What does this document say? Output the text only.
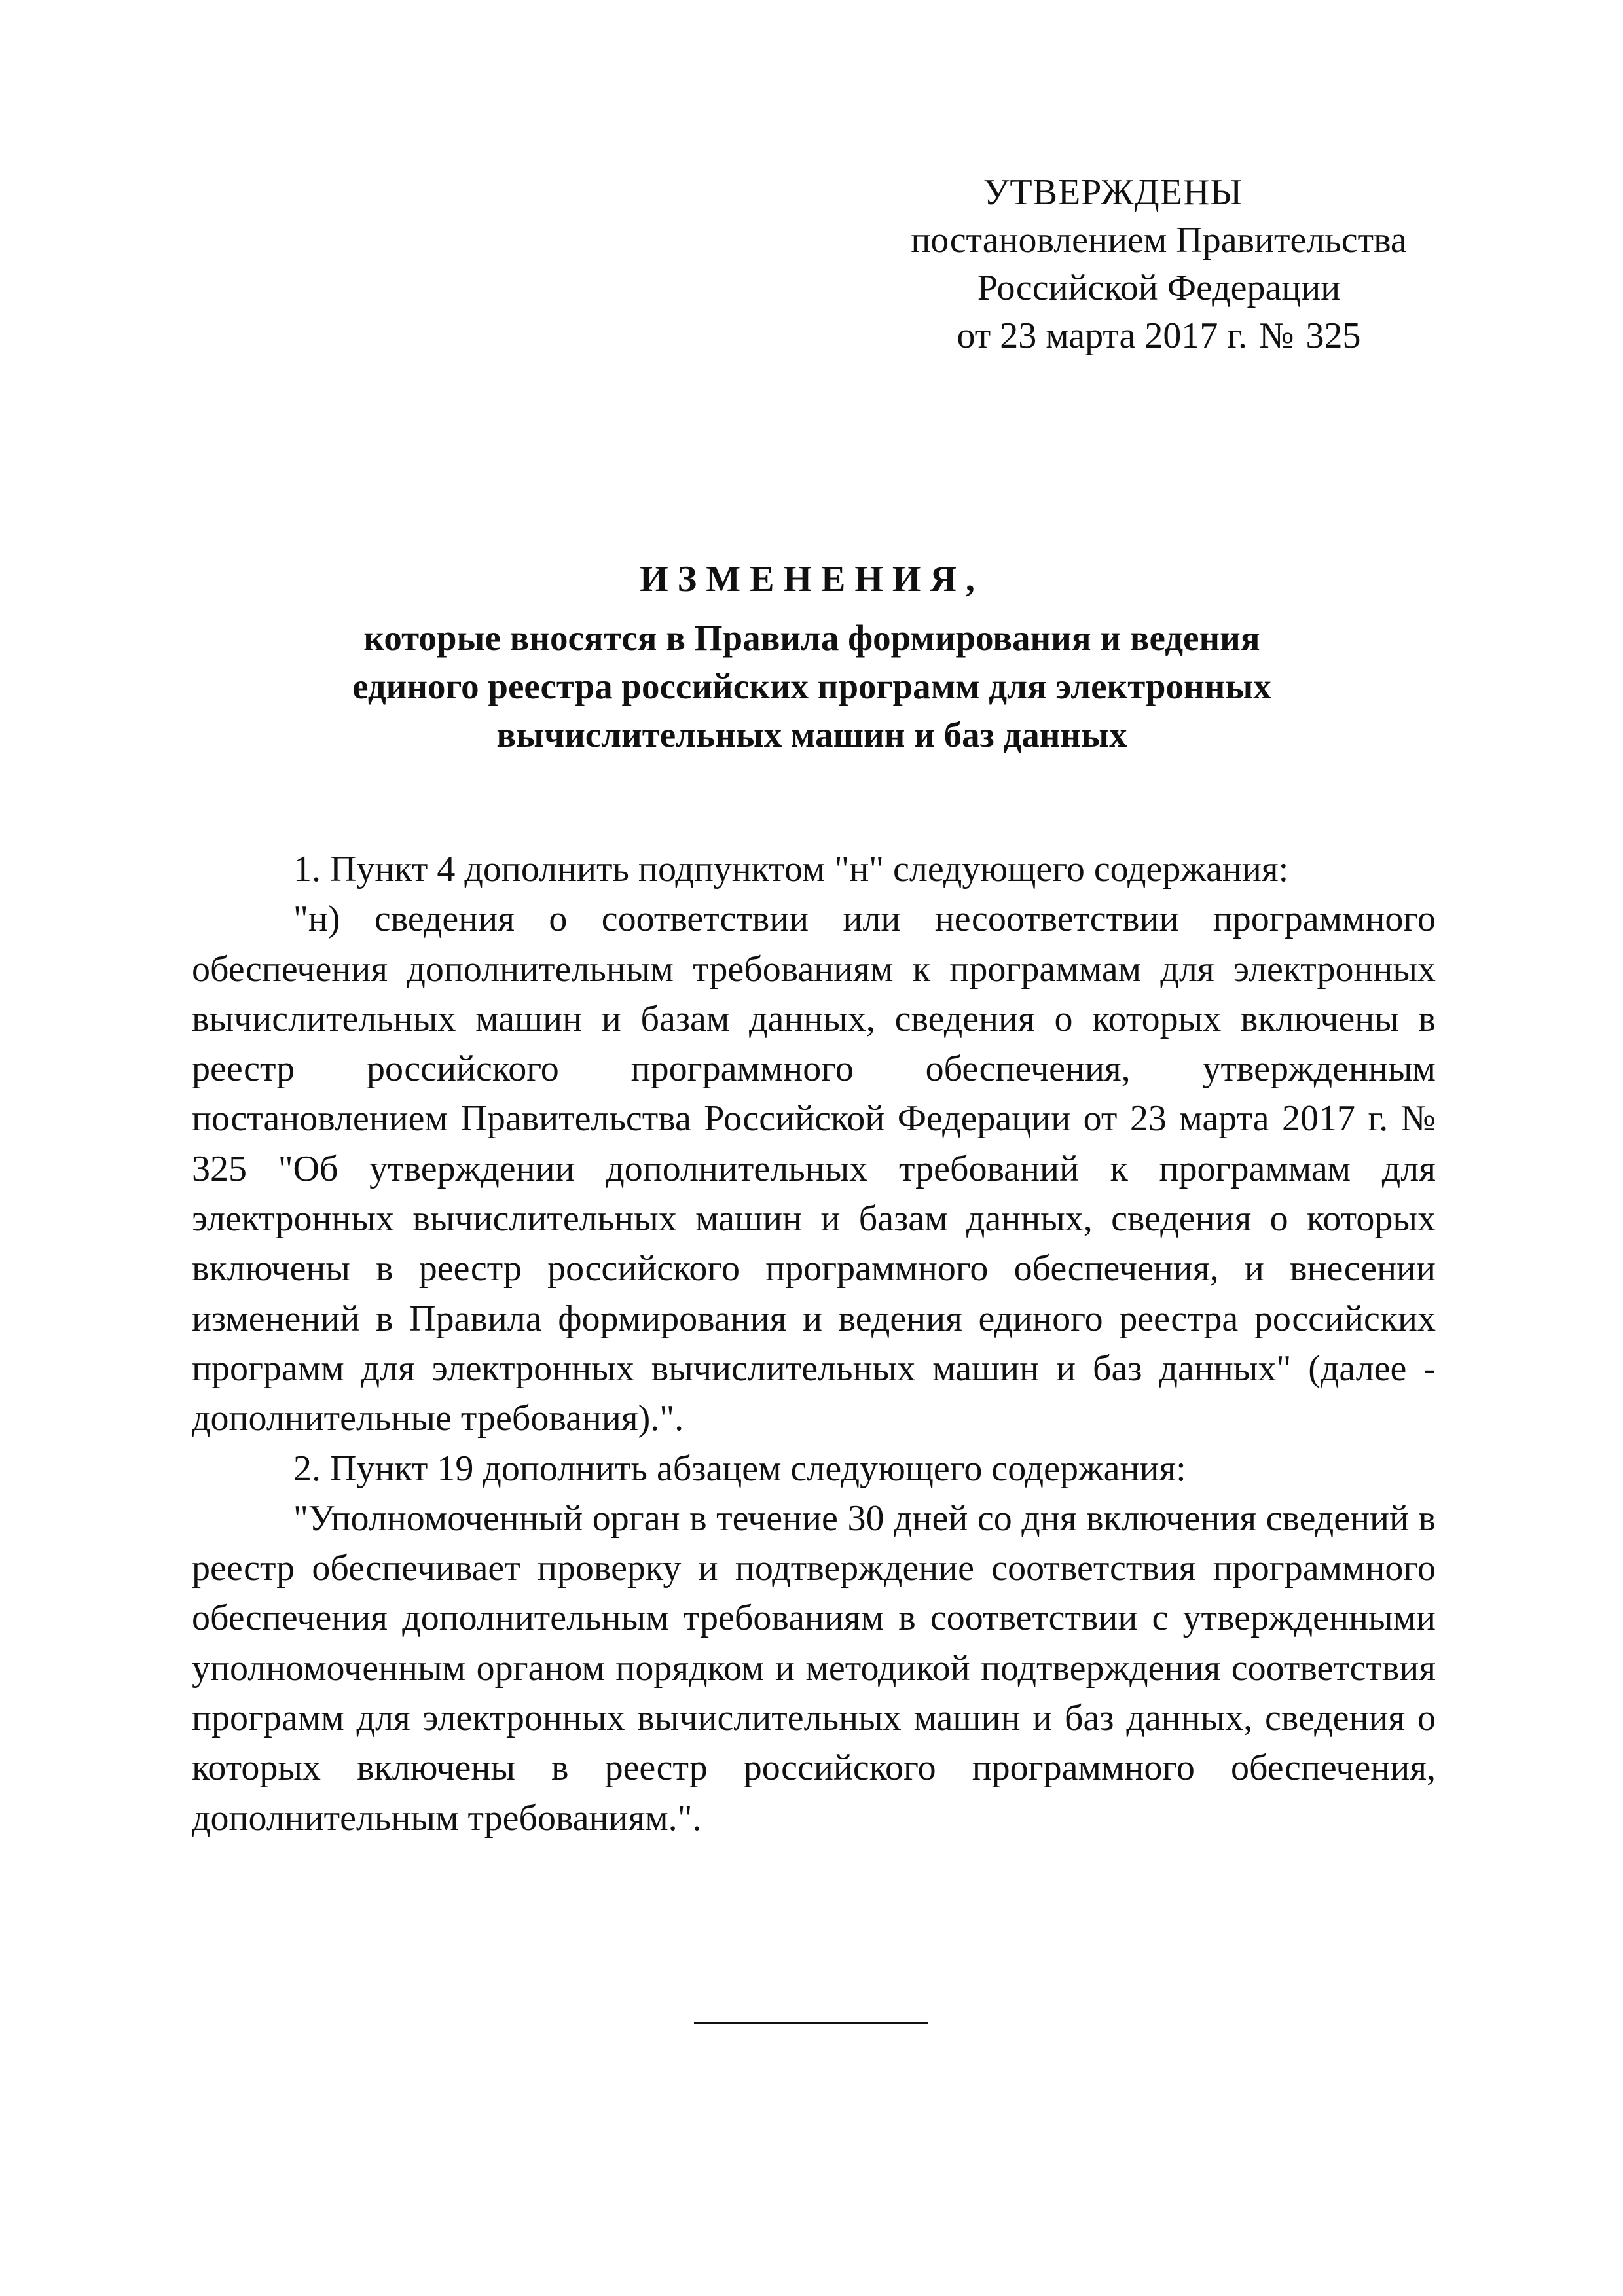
УТВЕРЖДЕНЫ
постановлением Правительства
Российской Федерации
от 23 марта 2017 г. № 325
ИЗМЕНЕНИЯ,
которые вносятся в Правила формирования и ведения
единого реестра российских программ для электронных
вычислительных машин и баз данных

1. Пункт 4 дополнить подпунктом "н" следующего содержания:

"н) сведения о соответствии или несоответствии программного обеспечения дополнительным требованиям к программам для электронных вычислительных машин и базам данных, сведения о которых включены в реестр российского программного обеспечения, утвержденным постановлением Правительства Российской Федерации от 23 марта 2017 г. № 325 "Об утверждении дополнительных требований к программам для электронных вычислительных машин и базам данных, сведения о которых включены в реестр российского программного обеспечения, и внесении изменений в Правила формирования и ведения единого реестра российских программ для электронных вычислительных машин и баз данных" (далее - дополнительные требования).".

2. Пункт 19 дополнить абзацем следующего содержания:

"Уполномоченный орган в течение 30 дней со дня включения сведений в реестр обеспечивает проверку и подтверждение соответствия программного обеспечения дополнительным требованиям в соответствии с утвержденными уполномоченным органом порядком и методикой подтверждения соответствия программ для электронных вычислительных машин и баз данных, сведения о которых включены в реестр российского программного обеспечения, дополнительным требованиям.".
